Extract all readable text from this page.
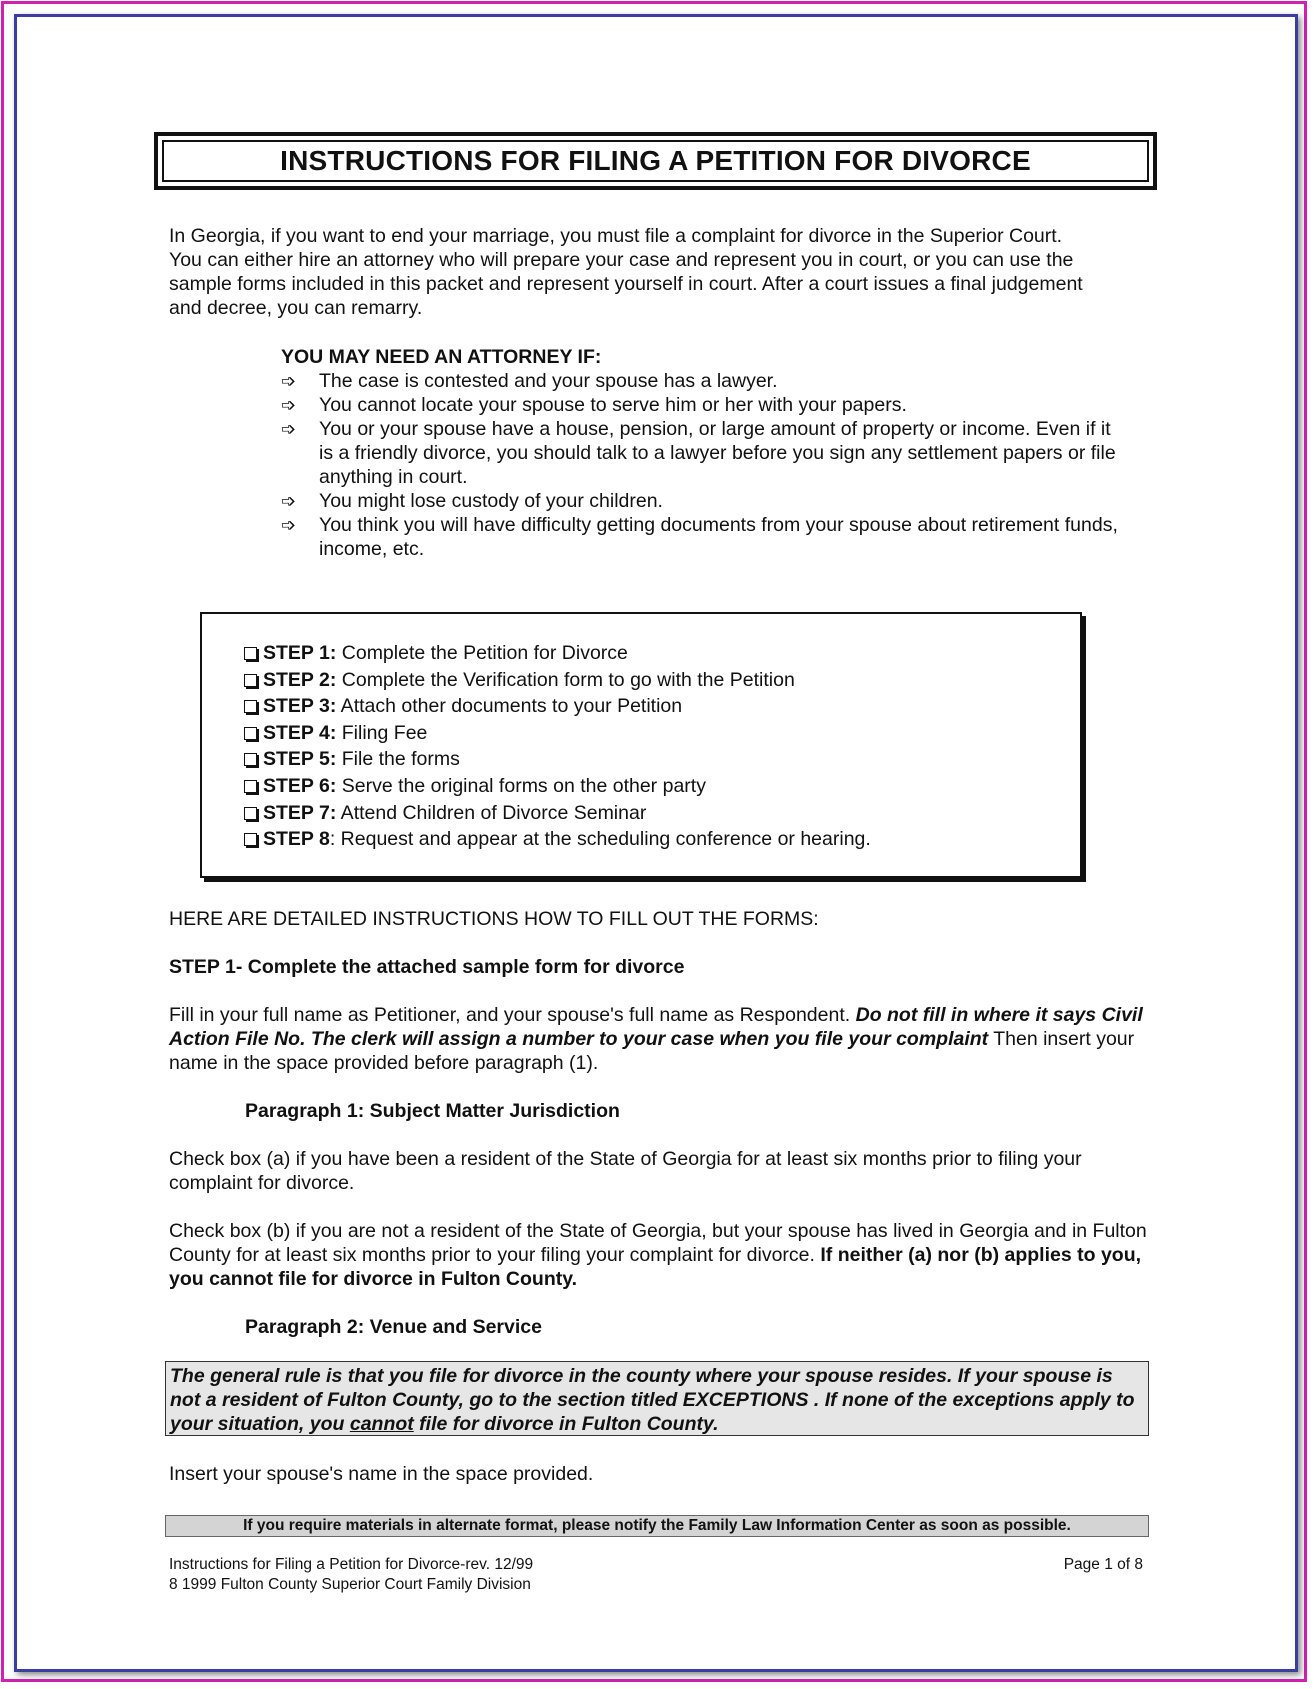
INSTRUCTIONS FOR FILING A PETITION FOR DIVORCE
In Georgia, if you want to end your marriage, you must file a complaint for divorce in the Superior Court.
You can either hire an attorney who will prepare your case and represent you in court, or you can use the
sample forms included in this packet and represent yourself in court. After a court issues a final judgement
and decree, you can remarry.
YOU MAY NEED AN ATTORNEY IF:
➩	The case is contested and your spouse has a lawyer.
➩	You cannot locate your spouse to serve him or her with your papers.
➩	You or your spouse have a house, pension, or large amount of property or income. Even if it is a friendly divorce, you should talk to a lawyer before you sign any settlement papers or file anything in court.
➩	You might lose custody of your children.
➩	You think you will have difficulty getting documents from your spouse about retirement funds, income, etc.
STEP 1: Complete the Petition for Divorce
STEP 2: Complete the Verification form to go with the Petition
STEP 3: Attach other documents to your Petition
STEP 4: Filing Fee
STEP 5: File the forms
STEP 6: Serve the original forms on the other party
STEP 7: Attend Children of Divorce Seminar
STEP 8: Request and appear at the scheduling conference or hearing.
HERE ARE DETAILED INSTRUCTIONS HOW TO FILL OUT THE FORMS:
STEP 1- Complete the attached sample form for divorce
Fill in your full name as Petitioner, and your spouse's full name as Respondent. Do not fill in where it says Civil Action File No. The clerk will assign a number to your case when you file your complaint Then insert your name in the space provided before paragraph (1).
Paragraph 1: Subject Matter Jurisdiction
Check box (a) if you have been a resident of the State of Georgia for at least six months prior to filing your complaint for divorce.
Check box (b) if you are not a resident of the State of Georgia, but your spouse has lived in Georgia and in Fulton County for at least six months prior to your filing your complaint for divorce. If neither (a) nor (b) applies to you, you cannot file for divorce in Fulton County.
Paragraph 2: Venue and Service
The general rule is that you file for divorce in the county where your spouse resides. If your spouse is not a resident of Fulton County, go to the section titled EXCEPTIONS . If none of the exceptions apply to your situation, you cannot file for divorce in Fulton County.
Insert your spouse's name in the space provided.
If you require materials in alternate format, please notify the Family Law Information Center as soon as possible.
Instructions for Filing a Petition for Divorce-rev. 12/99
8 1999 Fulton County Superior Court Family Division
Page 1 of 8
